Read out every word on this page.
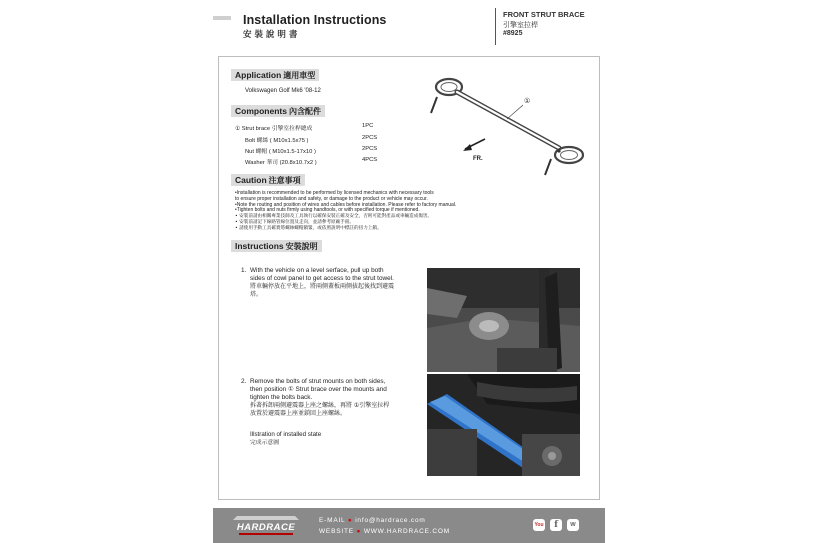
Installation Instructions
安 裝 說 明 書
FRONT STRUT BRACE
引擎室拉桿
#8925
Application 適用車型
Volkswagen Golf Mk6 '08-12
Components 內含配件
① Strut brace 引擎室拉桿總成	1PC
Bolt 螺絲 ( M10x1.5x75 )	2PCS
Nut 螺帽 ( M10x1.5-17x10 )	2PCS
Washer 華司 (20.8x10.7x2 )	4PCS
①
FR.
Caution 注意事項
•Installation is recommended to be performed by licensed mechanics with necessary tools
to ensure proper installation and safety, or damage to the product or vehicle may occur.
•Note the routing and position of wires and cables before installation. Please refer to factory manual.
•Tighten bolts and nuts firmly using handtools, or with specified torque if mentioned.
• 安裝前請由相關專業技師及工具執行以確保安裝正確及安全，否則可能對產品或車輛造成傷害。
• 安裝前請記下線路管線位置及走向，並請參考原廠手冊。
• 請使用手動工具確實將螺絲螺帽鎖緊，或依照說明中標註的扭力上鎖。
Instructions 安裝說明
1. With the vehicle on a level serface, pull up both
sides of cowl panel to get access to the strut towel.
將車輛停放在平地上，將兩側蓋板兩側拔起後找到避震
塔。
2. Remove the bolts of strut mounts on both sides,
then position ① Strut brace over the mounts and
tighten the bolts back.
拆著拆卸兩側避震器上座之螺絲，再將 ①引擎室拉桿
放置於避震器上座並鎖回上座螺絲。
Illstration of installed state
完成示意圖
HARDRACE
E-MAIL ● info@hardrace.com
WEBSITE ● WWW.HARDRACE.COM
You	f	w
